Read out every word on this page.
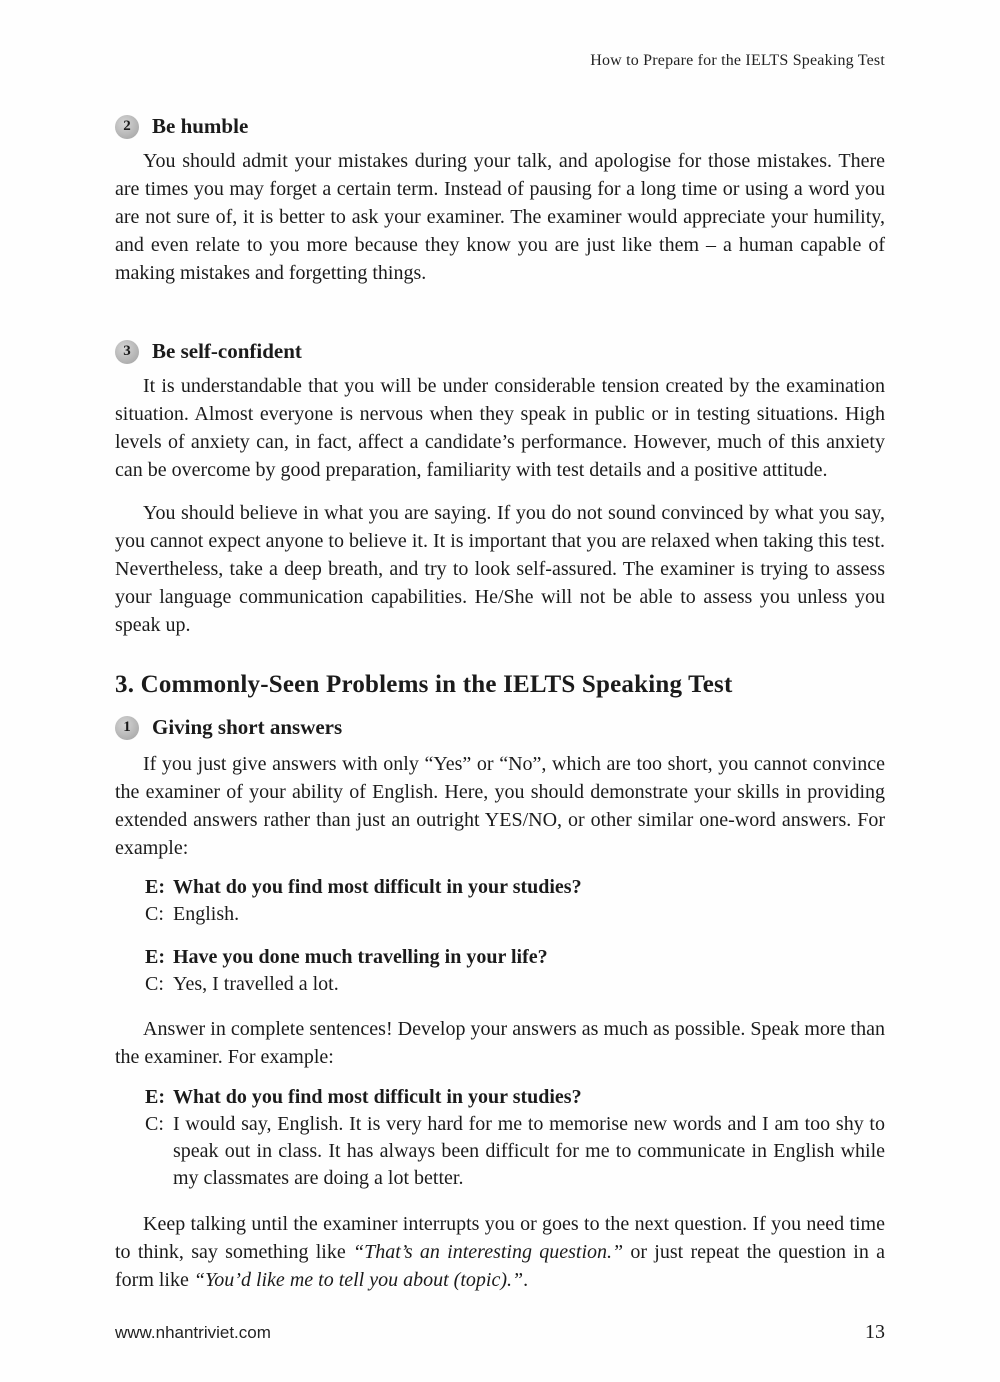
How to Prepare for the IELTS Speaking Test
2	Be humble

You should admit your mistakes during your talk, and apologise for those mistakes. There are times you may forget a certain term. Instead of pausing for a long time or using a word you are not sure of, it is better to ask your examiner. The examiner would appreciate your humility, and even relate to you more because they know you are just like them – a human capable of making mistakes and forgetting things.

3	Be self-confident

It is understandable that you will be under considerable tension created by the examination situation. Almost everyone is nervous when they speak in public or in testing situations. High levels of anxiety can, in fact, affect a candidate’s performance. However, much of this anxiety can be overcome by good preparation, familiarity with test details and a positive attitude.

You should believe in what you are saying. If you do not sound convinced by what you say, you cannot expect anyone to believe it. It is important that you are relaxed when taking this test. Nevertheless, take a deep breath, and try to look self-assured. The examiner is trying to assess your language communication capabilities. He/She will not be able to assess you unless you speak up.

3. Commonly-Seen Problems in the IELTS Speaking Test
1	Giving short answers

If you just give answers with only “Yes” or “No”, which are too short, you cannot convince the examiner of your ability of English. Here, you should demonstrate your skills in providing extended answers rather than just an outright YES/NO, or other similar one-word answers. For example:

E: What do you find most difficult in your studies?
C: English.
E: Have you done much travelling in your life?
C: Yes, I travelled a lot.

Answer in complete sentences! Develop your answers as much as possible. Speak more than the examiner. For example:

E: What do you find most difficult in your studies?
C: I would say, English. It is very hard for me to memorise new words and I am too shy to speak out in class. It has always been difficult for me to communicate in English while my classmates are doing a lot better.

Keep talking until the examiner interrupts you or goes to the next question. If you need time to think, say something like “That’s an interesting question.” or just repeat the question in a form like “You’d like me to tell you about (topic).”.

www.nhantriviet.com	13
